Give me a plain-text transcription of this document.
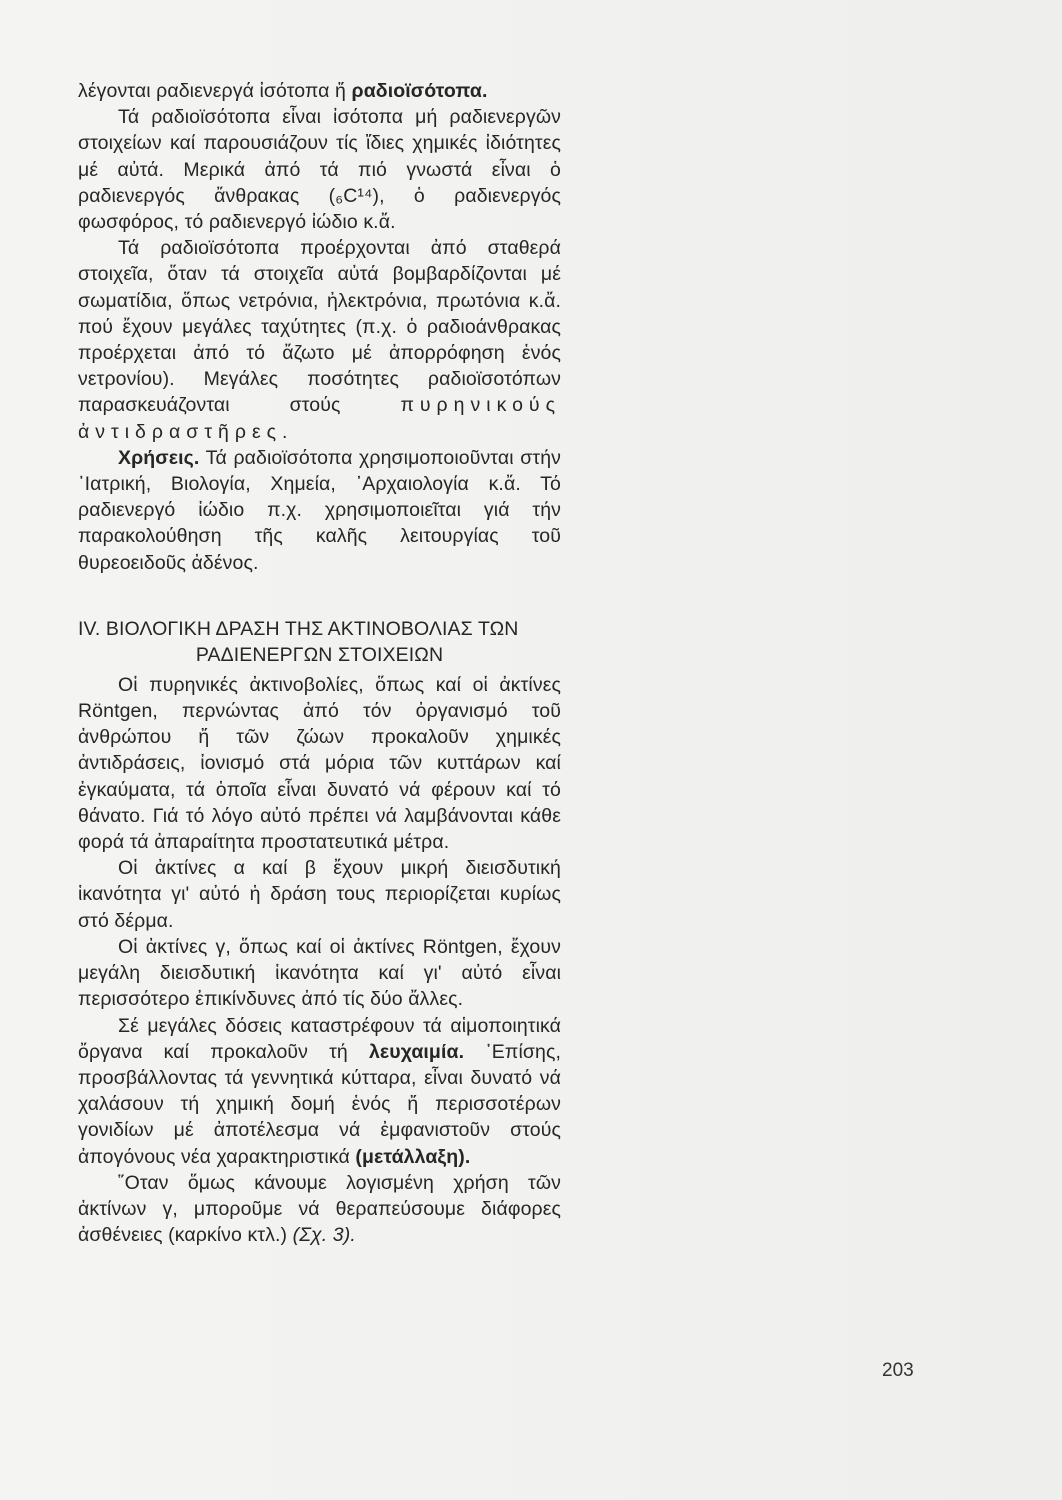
λέγονται ραδιενεργά ἰσότοπα ἤ ραδιοϊσότοπα.

Τά ραδιοϊσότοπα εἶναι ἰσότοπα μή ραδιενεργῶν στοιχείων καί παρουσιάζουν τίς ἴδιες χημικές ἰδιότητες μέ αὐτά. Μερικά ἀπό τά πιό γνωστά εἶναι ὁ ραδιενεργός ἄνθρακας (₆C¹⁴), ὁ ραδιενεργός φωσφόρος, τό ραδιενεργό ἰώδιο κ.ἄ.

Τά ραδιοϊσότοπα προέρχονται ἀπό σταθερά στοιχεῖα, ὅταν τά στοιχεῖα αὐτά βομβαρδίζονται μέ σωματίδια, ὅπως νετρόνια, ἠλεκτρόνια, πρωτόνια κ.ἄ. πού ἔχουν μεγάλες ταχύτητες (π.χ. ὁ ραδιοάνθρακας προέρχεται ἀπό τό ἄζωτο μέ ἀπορρόφηση ἑνός νετρονίου). Μεγάλες ποσότητες ραδιοϊσοτόπων παρασκευάζονται στούς	πυρηνικούς ἀντιδραστῆρες.

Χρήσεις. Τά ραδιοϊσότοπα χρησιμοποιοῦνται στήν ᾿Ιατρική, Βιολογία, Χημεία, ᾿Αρχαιολογία κ.ἄ. Τό ραδιενεργό ἰώδιο π.χ. χρησιμοποιεῖται γιά τήν παρακολούθηση τῆς καλῆς λειτουργίας τοῦ θυρεοειδοῦς ἀδένος.

IV. ΒΙΟΛΟΓΙΚΗ ΔΡΑΣΗ ΤΗΣ ΑΚΤΙΝΟΒΟΛΙΑΣ ΤΩΝ
ΡΑΔΙΕΝΕΡΓΩΝ ΣΤΟΙΧΕΙΩΝ

Οἱ πυρηνικές ἀκτινοβολίες, ὅπως καί οἱ ἀκτίνες Röntgen, περνώντας ἀπό τόν ὀργανισμό τοῦ ἀνθρώπου ἤ τῶν ζώων προκαλοῦν χημικές ἀντιδράσεις, ἰονισμό στά μόρια τῶν κυττάρων καί ἐγκαύματα, τά ὁποῖα εἶναι δυνατό νά φέρουν καί τό θάνατο. Γιά τό λόγο αὐτό πρέπει νά λαμβάνονται κάθε φορά τά ἀπαραίτητα προστατευτικά μέτρα.

Οἱ ἀκτίνες α καί β ἔχουν μικρή διεισδυτική ἱκανότητα γι' αὐτό ἡ δράση τους περιορίζεται κυρίως στό δέρμα.

Οἱ ἀκτίνες γ, ὅπως καί οἱ ἀκτίνες Röntgen, ἔχουν μεγάλη διεισδυτική ἱκανότητα καί γι' αὐτό εἶναι περισσότερο ἐπικίνδυνες ἀπό τίς δύο ἄλλες.

Σέ μεγάλες δόσεις καταστρέφουν τά αἱμοποιητικά ὄργανα καί προκαλοῦν τή λευχαιμία. ᾿Επίσης, προσβάλλοντας τά γεννητικά κύτταρα, εἶναι δυνατό νά χαλάσουν τή χημική δομή ἑνός ἤ περισσοτέρων γονιδίων μέ ἀποτέλεσμα νά ἐμφανιστοῦν στούς ἀπογόνους νέα χαρακτηριστικά (μετάλλαξη).

῞Οταν ὅμως κάνουμε λογισμένη χρήση τῶν ἀκτίνων γ, μποροῦμε νά θεραπεύσουμε διάφορες ἀσθένειες (καρκίνο κτλ.) (Σχ. 3).

203
